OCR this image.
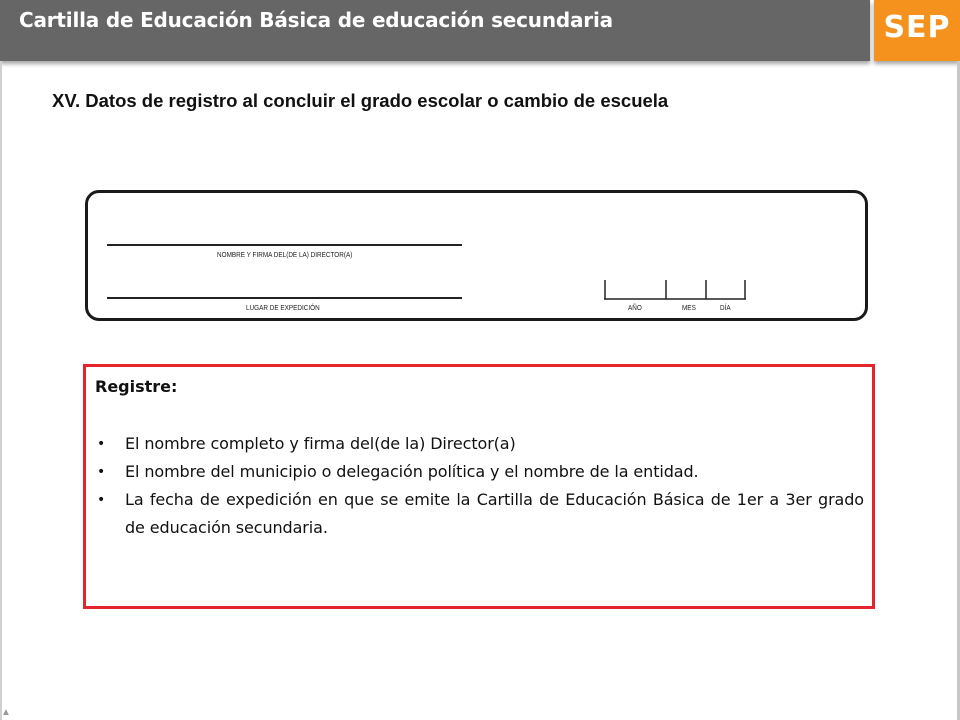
Cartilla de Educación Básica de educación secundaria	SEP
XV. Datos de registro al concluir el grado escolar o cambio de escuela
NOMBRE Y FIRMA DEL(DE LA) DIRECTOR(A)
LUGAR DE EXPEDICIÓN	AÑO	MES	DÍA
Registre:
• El nombre completo y firma del(de la) Director(a)
• El nombre del municipio o delegación política y el nombre de la entidad.
• La fecha de expedición en que se emite la Cartilla de Educación Básica de 1er a 3er grado de educación secundaria.
▲
